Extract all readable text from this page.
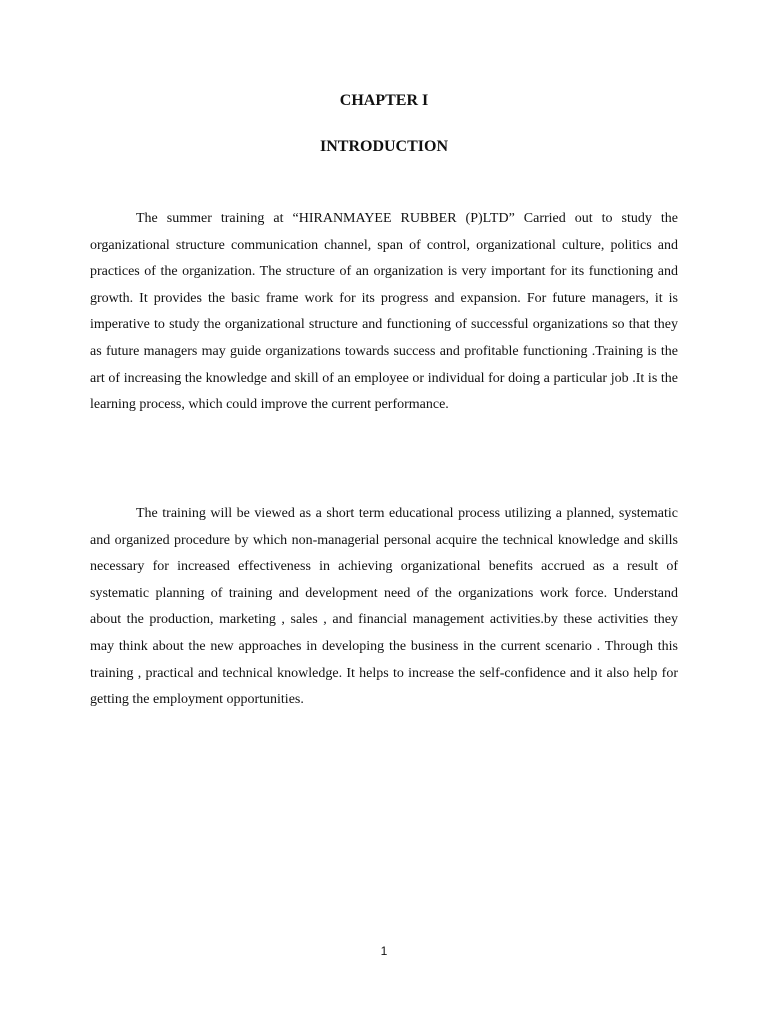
CHAPTER I
INTRODUCTION

The summer training at “HIRANMAYEE RUBBER (P)LTD” Carried out to study the organizational structure communication channel, span of control, organizational culture, politics and practices of the organization. The structure of an organization is very important for its functioning and growth. It provides the basic frame work for its progress and expansion. For future managers, it is imperative to study the organizational structure and functioning of successful organizations so that they as future managers may guide organizations towards success and profitable functioning .Training is the art of increasing the knowledge and skill of an employee or individual for doing a particular job .It is the learning process, which could improve the current performance.

The training will be viewed as a short term educational process utilizing a planned, systematic and organized procedure by which non-managerial personal acquire the technical knowledge and skills necessary for increased effectiveness in achieving organizational benefits accrued as a result of systematic planning of training and development need of the organizations work force. Understand about the production, marketing , sales , and financial management activities.by these activities they may think about the new approaches in developing the business in the current scenario . Through this training , practical and technical knowledge. It helps to increase the self-confidence and it also help for getting the employment opportunities.

1
